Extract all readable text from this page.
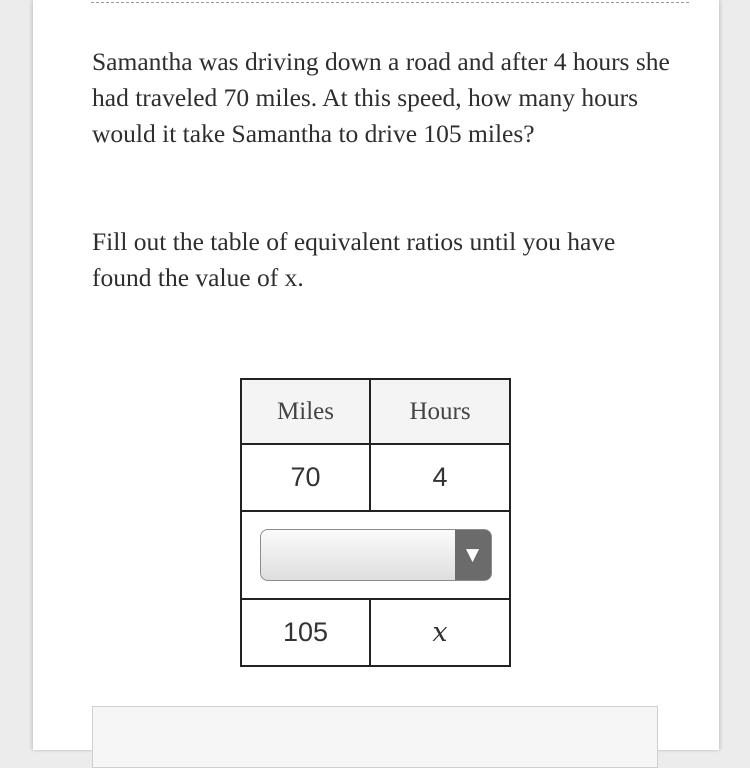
Samantha was driving down a road and after 4 hours she had traveled 70 miles. At this speed, how many hours would it take Samantha to drive 105 miles?

Fill out the table of equivalent ratios until you have found the value of x.

Miles	Hours
70	4

▼	

105	x
